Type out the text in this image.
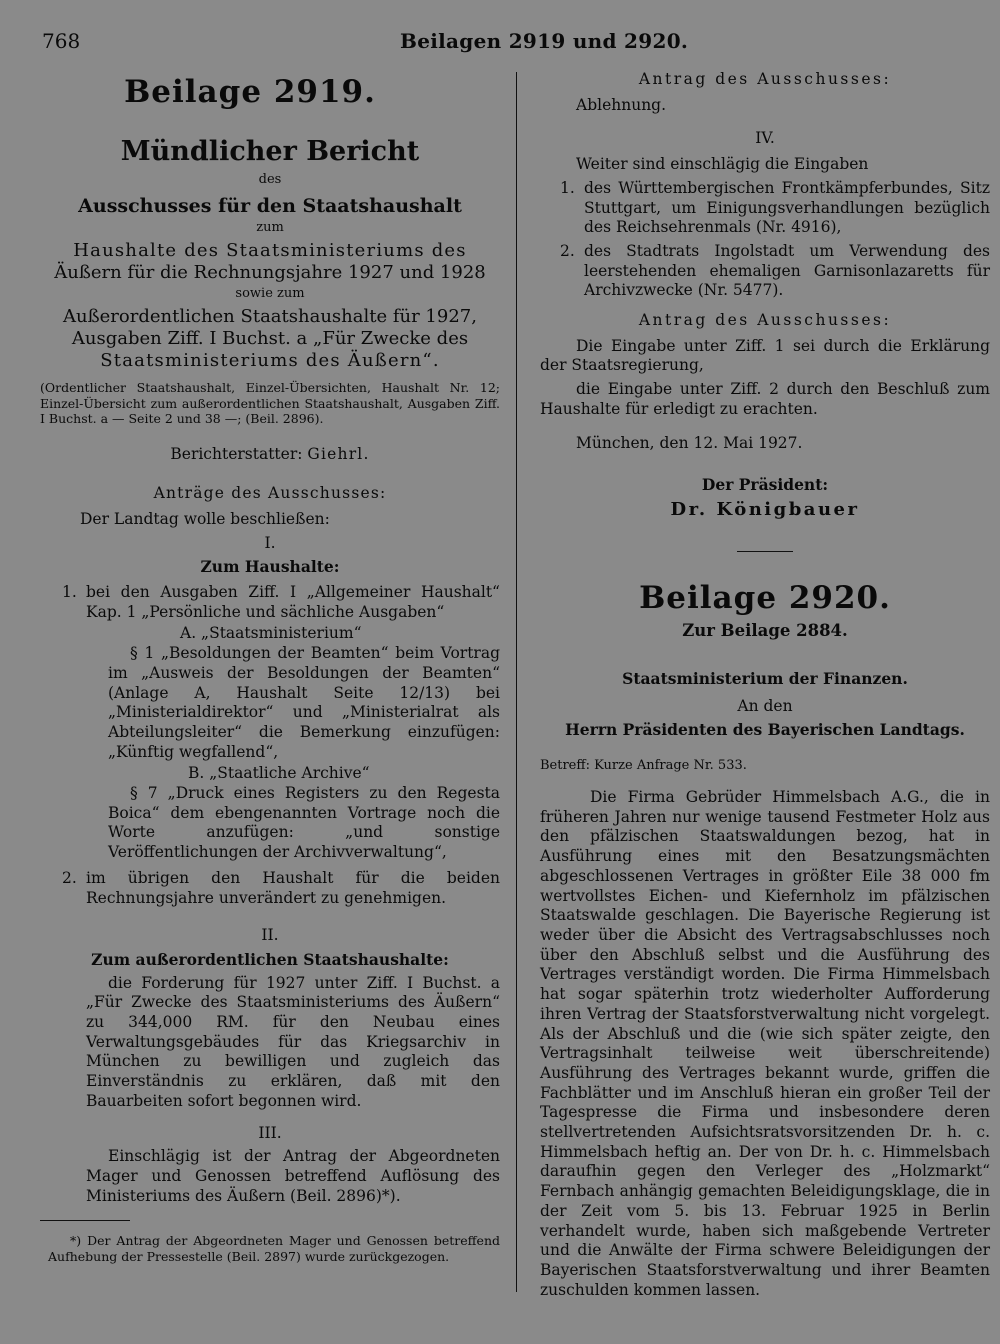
768	Beilagen 2919 und 2920.

Beilage 2919.

Mündlicher Bericht

des

Ausschusses für den Staatshaushalt

zum

Haushalte des Staatsministeriums des

Äußern für die Rechnungsjahre 1927 und 1928

sowie zum

Außerordentlichen Staatshaushalte für 1927,

Ausgaben Ziff. I Buchst. a „Für Zwecke des

Staatsministeriums des Äußern“.

(Ordentlicher Staatshaushalt, Einzel-Übersichten, Haushalt Nr. 12; Einzel-Übersicht zum außerordentlichen Staatshaushalt, Ausgaben Ziff. I Buchst. a — Seite 2 und 38 —; (Beil. 2896).

Berichterstatter: Giehrl.

Anträge des Ausschusses:

Der Landtag wolle beschließen:

I.

Zum Haushalte:

1. bei den Ausgaben Ziff. I „Allgemeiner Haushalt“ Kap. 1 „Persönliche und sächliche Ausgaben“

A. „Staatsministerium“

§ 1 „Besoldungen der Beamten“ beim Vortrag im „Ausweis der Besoldungen der Beamten“ (Anlage A, Haushalt Seite 12/13) bei „Ministerialdirektor“ und „Ministerialrat als Abteilungsleiter“ die Bemerkung einzufügen: „Künftig wegfallend“,

B. „Staatliche Archive“

§ 7 „Druck eines Registers zu den Regesta Boica“ dem ebengenannten Vortrage noch die Worte anzufügen: „und sonstige Veröffentlichungen der Archivverwaltung“,

2. im übrigen den Haushalt für die beiden Rechnungsjahre unverändert zu genehmigen.

II.

Zum außerordentlichen Staatshaushalte:

die Forderung für 1927 unter Ziff. I Buchst. a „Für Zwecke des Staatsministeriums des Äußern“ zu 344,000 RM. für den Neubau eines Verwaltungsgebäudes für das Kriegsarchiv in München zu bewilligen und zugleich das Einverständnis zu erklären, daß mit den Bauarbeiten sofort begonnen wird.

III.

Einschlägig ist der Antrag der Abgeordneten Mager und Genossen betreffend Auflösung des Ministeriums des Äußern (Beil. 2896)*).

*) Der Antrag der Abgeordneten Mager und Genossen betreffend Aufhebung der Pressestelle (Beil. 2897) wurde zurückgezogen.

Antrag des Ausschusses:

Ablehnung.

IV.

Weiter sind einschlägig die Eingaben

1. des Württembergischen Frontkämpferbundes, Sitz Stuttgart, um Einigungsverhandlungen bezüglich des Reichsehrenmals (Nr. 4916),
2. des Stadtrats Ingolstadt um Verwendung des leerstehenden ehemaligen Garnisonlazaretts für Archivzwecke (Nr. 5477).

Antrag des Ausschusses:

Die Eingabe unter Ziff. 1 sei durch die Erklärung der Staatsregierung,

die Eingabe unter Ziff. 2 durch den Beschluß zum Haushalte für erledigt zu erachten.

München, den 12. Mai 1927.

Der Präsident:

Dr. Königbauer

Beilage 2920.

Zur Beilage 2884.

Staatsministerium der Finanzen.

An den

Herrn Präsidenten des Bayerischen Landtags.

Betreff: Kurze Anfrage Nr. 533.

Die Firma Gebrüder Himmelsbach A.G., die in früheren Jahren nur wenige tausend Festmeter Holz aus den pfälzischen Staatswaldungen bezog, hat in Ausführung eines mit den Besatzungsmächten abgeschlossenen Vertrages in größter Eile 38 000 fm wertvollstes Eichen- und Kiefernholz im pfälzischen Staatswalde geschlagen. Die Bayerische Regierung ist weder über die Absicht des Vertragsabschlusses noch über den Abschluß selbst und die Ausführung des Vertrages verständigt worden. Die Firma Himmelsbach hat sogar späterhin trotz wiederholter Aufforderung ihren Vertrag der Staatsforstverwaltung nicht vorgelegt. Als der Abschluß und die (wie sich später zeigte, den Vertragsinhalt teilweise weit überschreitende) Ausführung des Vertrages bekannt wurde, griffen die Fachblätter und im Anschluß hieran ein großer Teil der Tagespresse die Firma und insbesondere deren stellvertretenden Aufsichtsratsvorsitzenden Dr. h. c. Himmelsbach heftig an. Der von Dr. h. c. Himmelsbach daraufhin gegen den Verleger des „Holzmarkt“ Fernbach anhängig gemachten Beleidigungsklage, die in der Zeit vom 5. bis 13. Februar 1925 in Berlin verhandelt wurde, haben sich maßgebende Vertreter und die Anwälte der Firma schwere Beleidigungen der Bayerischen Staatsforstverwaltung und ihrer Beamten zuschulden kommen lassen.
